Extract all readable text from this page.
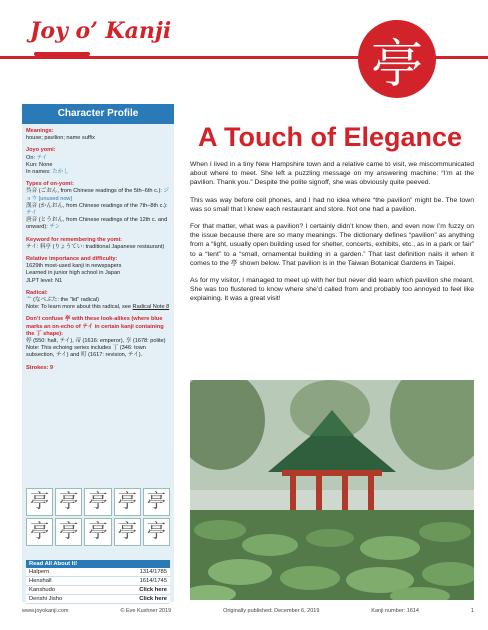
Joy o’ Kanji
亭
Character Profile
Meanings:
house; pavilion; name suffix
Joyo yomi:
On: テイ
Kun: None
In names: たかし
Types of on-yomi:
呉音 (ごおん, from Chinese readings of the 5th–6th c.): ジョウ [unused now]
漢音 (かんおん, from Chinese readings of the 7th–8th c.): テイ
唐音 (とうおん, from Chinese readings of the 12th c. and onward): チン
Keyword for remembering the yomi:
テイ: 料亭 (りょうてい: traditional Japanese restaurant)
Relative importance and difficulty:
1629th most-used kanji in newspapers
Learned in junior high school in Japan
JLPT level: N1
Radical:
亠 (なべぶた: the “lid” radical)
Note: To learn more about this radical, see Radical Note 8
Don’t confuse 亭 with these look-alikes (where blue marks an on-echo of テイ in certain kanji containing the 丁 shape):
停 (550: halt, テイ), 帝 (1616: emperor), 享 (1678: polite)
Note: This echoing series includes 丁 (346: town subsection, テイ) and 町 (1617: revision, テイ).
Strokes: 9
亭 亭 亭 亭 亭
亭 亭 亭 亭 亭
Read All About It!
Halpern	1314/1785
Henshall	1614/1745
Kanshudo	Click here
Denshi Jisho	Click here
A Touch of Elegance

When I lived in a tiny New Hampshire town and a relative came to visit, we miscommunicated about where to meet. She left a puzzling message on my answering machine: “I’m at the pavilion. Thank you.” Despite the polite signoff, she was obviously quite peeved.

This was way before cell phones, and I had no idea where “the pavilion” might be. The town was so small that I knew each restaurant and store. Not one had a pavilion.

For that matter, what was a pavilion? I certainly didn’t know then, and even now I’m fuzzy on the issue because there are so many meanings. The dictionary defines “pavilion” as anything from a “light, usually open building used for shelter, concerts, exhibits, etc., as in a park or fair” to a “tent” to a “small, ornamental building in a garden.” That last definition nails it when it comes to the 亭 shown below. That pavilion is in the Taiwan Botanical Gardens in Taipei.

As for my visitor, I managed to meet up with her but never did learn which pavilion she meant. She was too flustered to know where she’d called from and probably too annoyed to feel like explaining. It was a great visit!

www.joyokanji.com	© Eve Kushner 2019	Originally published: December 6, 2019	Kanji number: 1614	1
